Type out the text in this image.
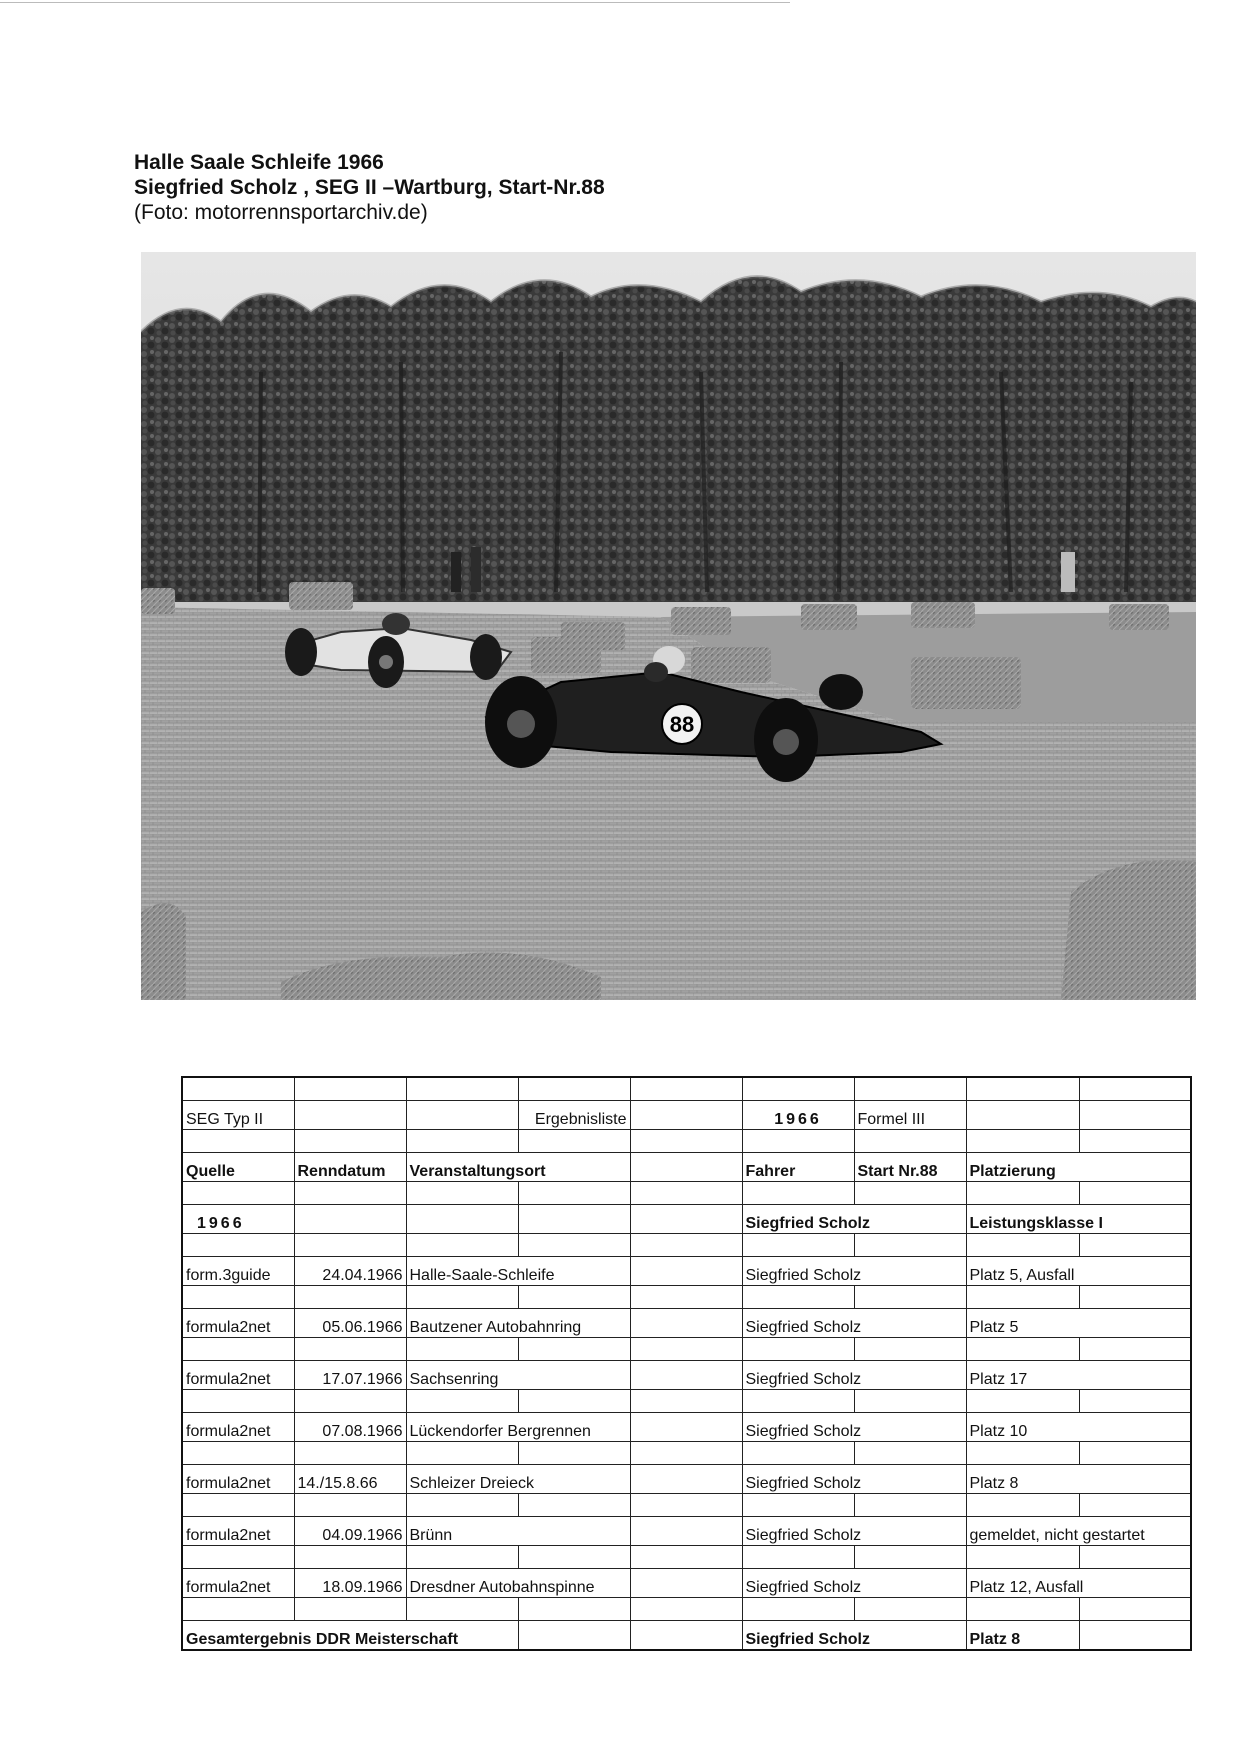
Halle Saale Schleife 1966
Siegfried Scholz , SEG II –Wartburg, Start-Nr.88
(Foto: motorrennsportarchiv.de)
88

SEG Typ II			Ergebnisliste		1966	Formel III		

Quelle	Renndatum	Veranstaltungsort			Fahrer	Start Nr.88	Platzierung	

1966					Siegfried Scholz		Leistungsklasse I	

form.3guide	24.04.1966	Halle-Saale-Schleife			Siegfried Scholz		Platz 5, Ausfall	

formula2net	05.06.1966	Bautzener Autobahnring			Siegfried Scholz		Platz 5	

formula2net	17.07.1966	Sachsenring			Siegfried Scholz		Platz 17	

formula2net	07.08.1966	Lückendorfer Bergrennen			Siegfried Scholz		Platz 10	

formula2net	14./15.8.66	Schleizer Dreieck			Siegfried Scholz		Platz 8	

formula2net	04.09.1966	Brünn			Siegfried Scholz		gemeldet, nicht gestartet	

formula2net	18.09.1966	Dresdner Autobahnspinne			Siegfried Scholz		Platz 12, Ausfall	

Gesamtergebnis DDR Meisterschaft					Siegfried Scholz		Platz 8	
